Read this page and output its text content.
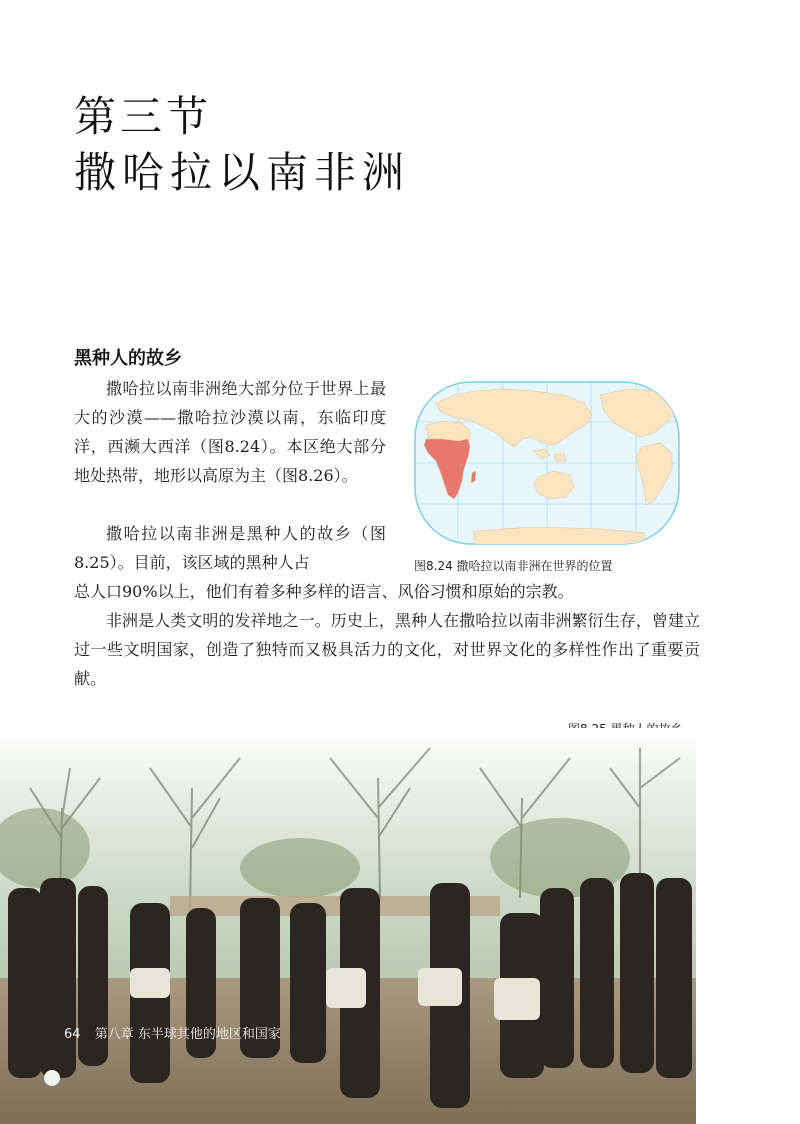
第三节
撒哈拉以南非洲
黑种人的故乡

撒哈拉以南非洲绝大部分位于世界上最大的沙漠——撒哈拉沙漠以南，东临印度洋，西濒大西洋（图8.24）。本区绝大部分地处热带，地形以高原为主（图8.26）。

撒哈拉以南非洲是黑种人的故乡（图8.25）。目前，该区域的黑种人占

总人口90%以上，他们有着多种多样的语言、风俗习惯和原始的宗教。

非洲是人类文明的发祥地之一。历史上，黑种人在撒哈拉以南非洲繁衍生存，曾建立过一些文明国家，创造了独特而又极具活力的文化，对世界文化的多样性作出了重要贡献。

图8.24 撒哈拉以南非洲在世界的位置

64 第八章 东半球其他的地区和国家
